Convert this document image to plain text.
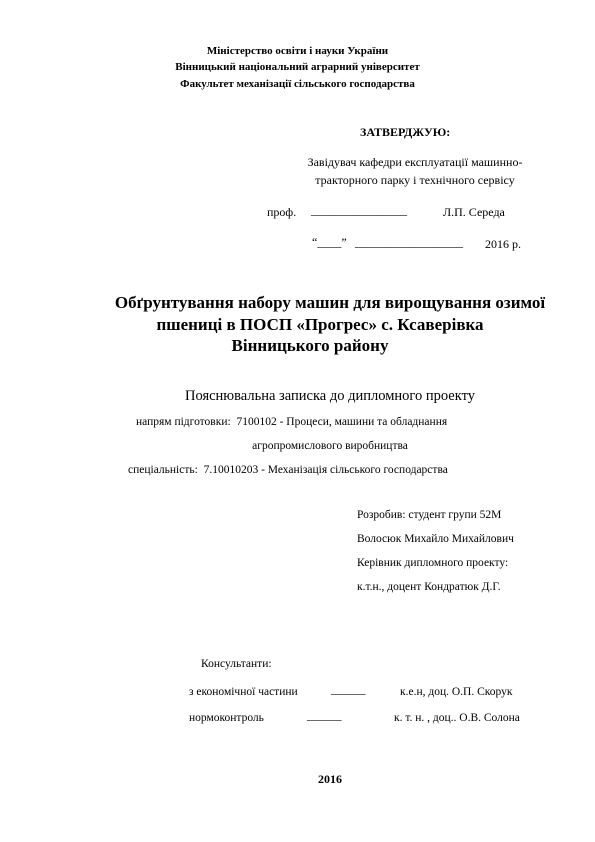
Міністерство освіти і науки України
Вінницький національний аграрний університет
Факультет механізації сільського господарства
ЗАТВЕРДЖУЮ:
Завідувач кафедри експлуатації машинно-
тракторного парку і технічного сервісу
проф. ________________	Л.П. Середа
“____” __________________ 2016 р.
Обґрунтування набору машин для вирощування озимої
пшениці в ПОСП «Прогрес» с. Ксаверівка
Вінницького району
Пояснювальна записка до дипломного проекту
напрям підготовки: 7100102 - Процеси, машини та обладнання
агропромислового виробництва
спеціальність: 7.10010203 - Механізація сільського господарства
Розробив: студент групи 52М
Волосюк Михайло Михайлович
Керівник дипломного проекту:
к.т.н., доцент Кондратюк Д.Г.
Консультанти:
з економічної частини	______	к.е.н, доц. О.П. Скорук
нормоконтроль	______	к. т. н. , доц.. О.В. Солона
2016
